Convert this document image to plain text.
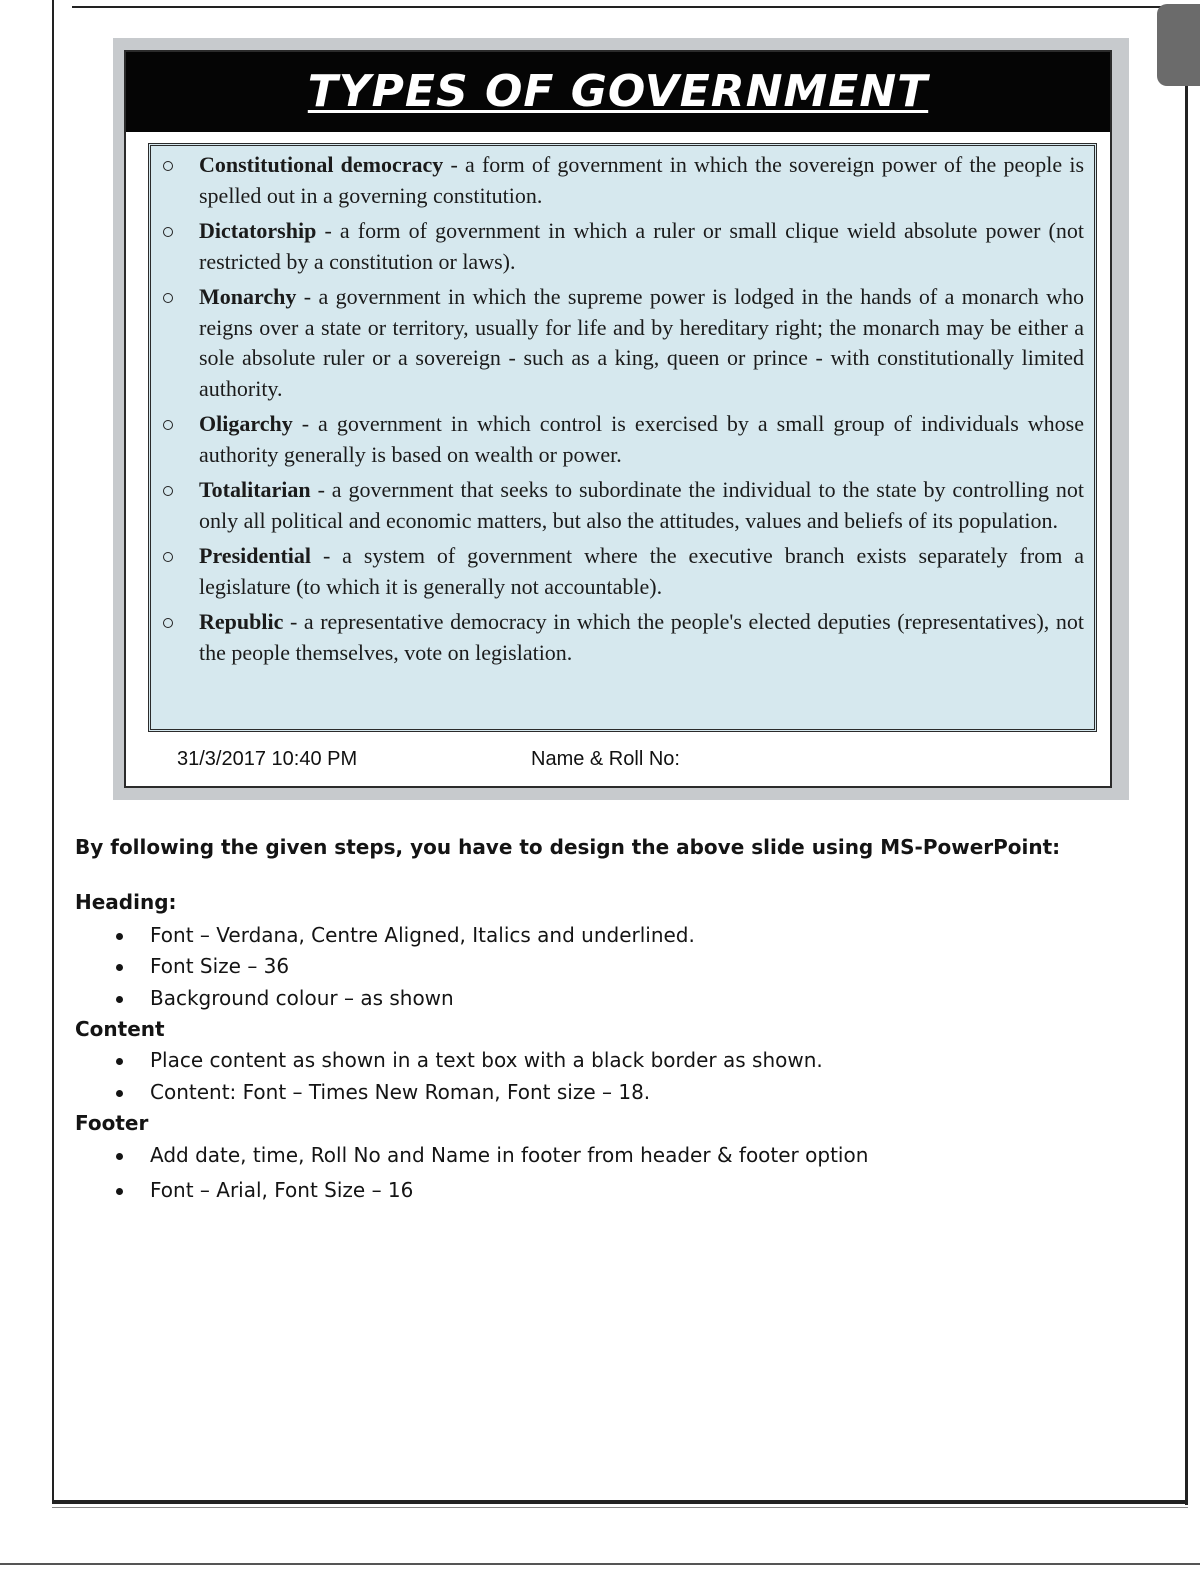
TYPES OF GOVERNMENT
Constitutional democracy - a form of government in which the sovereign power of the people is spelled out in a governing constitution.
Dictatorship - a form of government in which a ruler or small clique wield absolute power (not restricted by a constitution or laws).
Monarchy - a government in which the supreme power is lodged in the hands of a monarch who reigns over a state or territory, usually for life and by hereditary right; the monarch may be either a sole absolute ruler or a sovereign - such as a king, queen or prince - with constitutionally limited authority.
Oligarchy - a government in which control is exercised by a small group of individuals whose authority generally is based on wealth or power.
Totalitarian - a government that seeks to subordinate the individual to the state by controlling not only all political and economic matters, but also the attitudes, values and beliefs of its population.
Presidential - a system of government where the executive branch exists separately from a legislature (to which it is generally not accountable).
Republic - a representative democracy in which the people's elected deputies (representatives), not the people themselves, vote on legislation.
31/3/2017 10:40 PM	Name & Roll No:
By following the given steps, you have to design the above slide using MS-PowerPoint:
Heading:
Font – Verdana, Centre Aligned, Italics and underlined.
Font Size – 36
Background colour – as shown
Content
Place content as shown in a text box with a black border as shown.
Content: Font – Times New Roman, Font size – 18.
Footer
Add date, time, Roll No and Name in footer from header & footer option
Font – Arial, Font Size – 16
